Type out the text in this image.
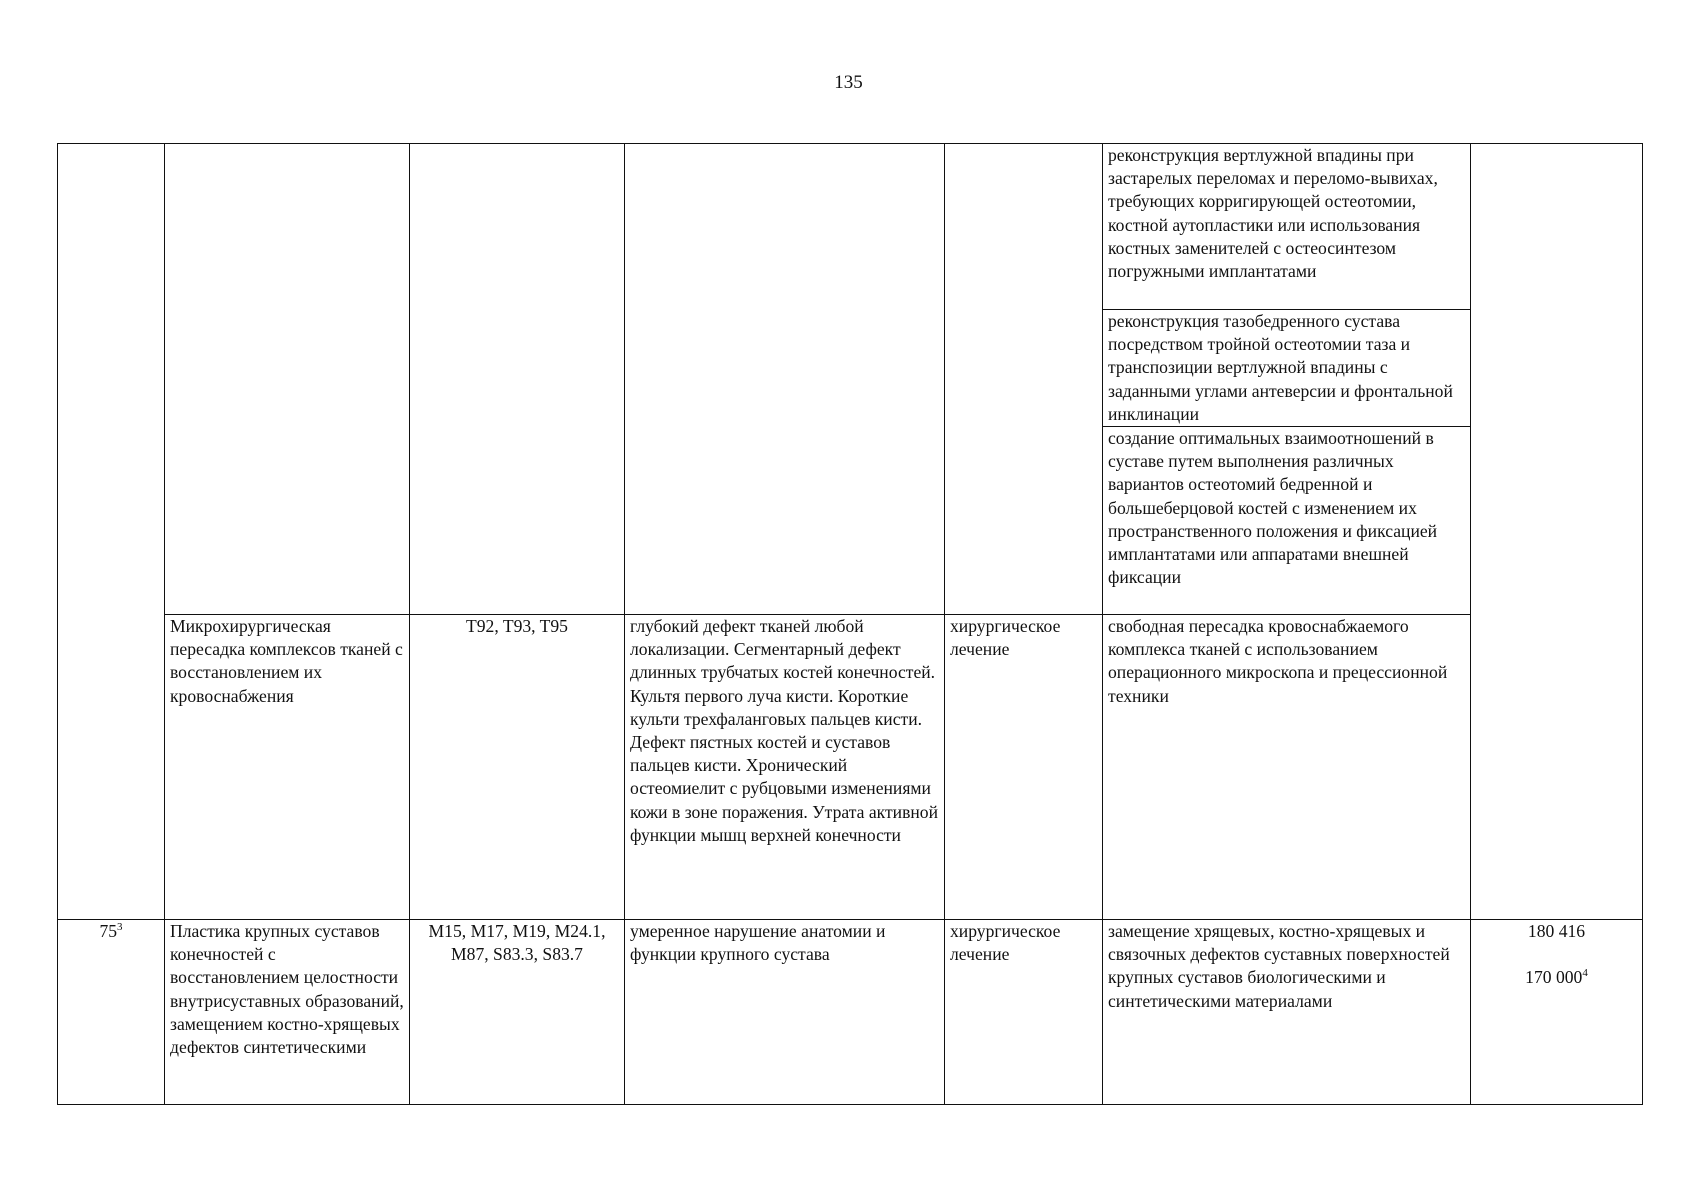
135
					реконструкция вертлужной впадины при застарелых переломах и переломо-вывихах, требующих корригирующей остеотомии, костной аутопластики или использования костных заменителей с остеосинтезом погружными имплантатами	
					реконструкция тазобедренного сустава посредством тройной остеотомии таза и транспозиции вертлужной впадины с заданными углами антеверсии и фронтальной инклинации	
					создание оптимальных взаимоотношений в суставе путем выполнения различных вариантов остеотомий бедренной и большеберцовой костей с изменением их пространственного положения и фиксацией имплантатами или аппаратами внешней фиксации	
	Микрохирургическая пересадка комплексов тканей с восстановлением их кровоснабжения	T92, T93, T95	глубокий дефект тканей любой локализации. Сегментарный дефект длинных трубчатых костей конечностей. Культя первого луча кисти. Короткие культи трехфаланговых пальцев кисти. Дефект пястных костей и суставов пальцев кисти. Хронический остеомиелит с рубцовыми изменениями кожи в зоне поражения. Утрата активной функции мышц верхней конечности	хирургическое лечение	свободная пересадка кровоснабжаемого комплекса тканей с использованием операционного микроскопа и прецессионной техники	
$75^3$	Пластика крупных суставов конечностей с восстановлением целостности внутрисуставных образований, замещением костно-хрящевых дефектов синтетическими	M15, M17, M19, M24.1, M87, S83.3, S83.7	умеренное нарушение анатомии и функции крупного сустава	хирургическое лечение	замещение хрящевых, костно-хрящевых и связочных дефектов суставных поверхностей крупных суставов биологическими и синтетическими материалами	180 416
170 $000^4$
